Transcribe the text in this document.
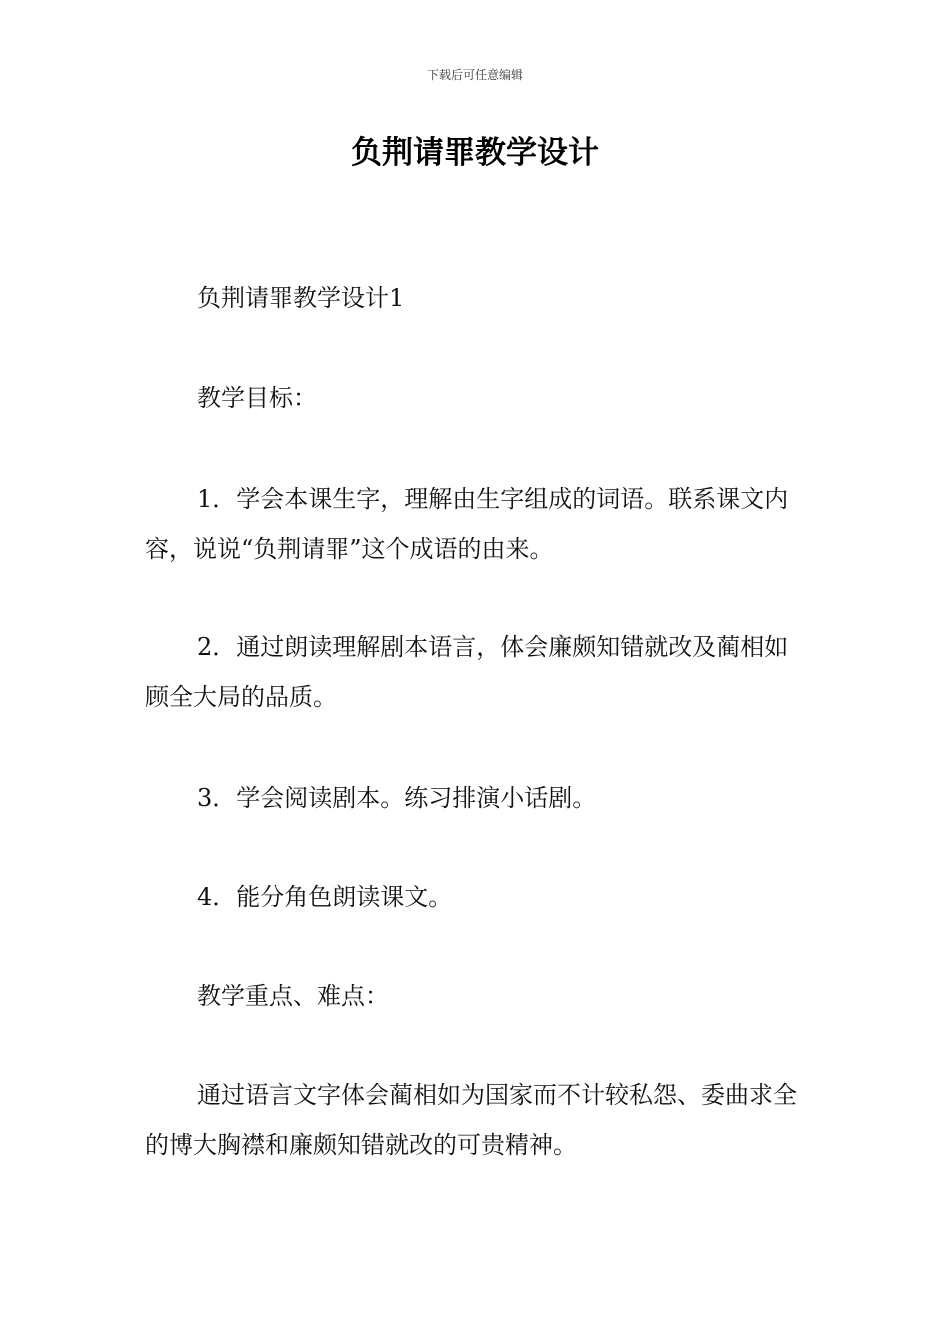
下载后可任意编辑
负荆请罪教学设计
负荆请罪教学设计1
教学目标：
1．学会本课生字，理解由生字组成的词语。联系课文内容，说说“负荆请罪”这个成语的由来。
2．通过朗读理解剧本语言，体会廉颇知错就改及蔺相如顾全大局的品质。
3．学会阅读剧本。练习排演小话剧。
4．能分角色朗读课文。
教学重点、难点：
通过语言文字体会蔺相如为国家而不计较私怨、委曲求全的博大胸襟和廉颇知错就改的可贵精神。
